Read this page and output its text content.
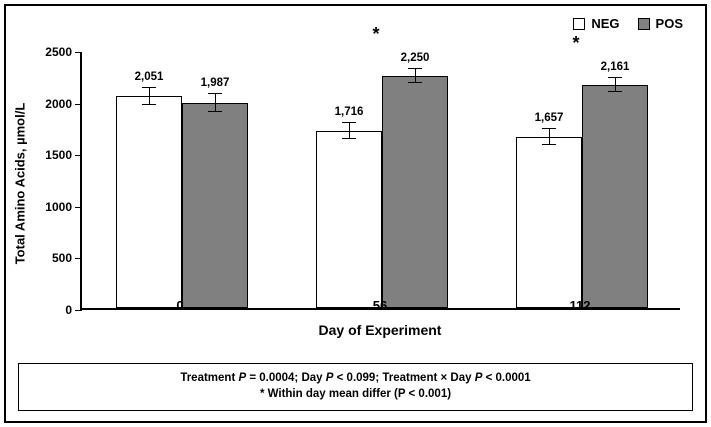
NEG	POS
Total Amino Acids, µmol/L
0
500
1000
1500
2000
2500
2,051
1,987
1,716
2,250
*
1,657
2,161
*
0	56	112
Day of Experiment
Treatment P = 0.0004; Day P < 0.099; Treatment × Day P < 0.0001
* Within day mean differ (P < 0.001)
